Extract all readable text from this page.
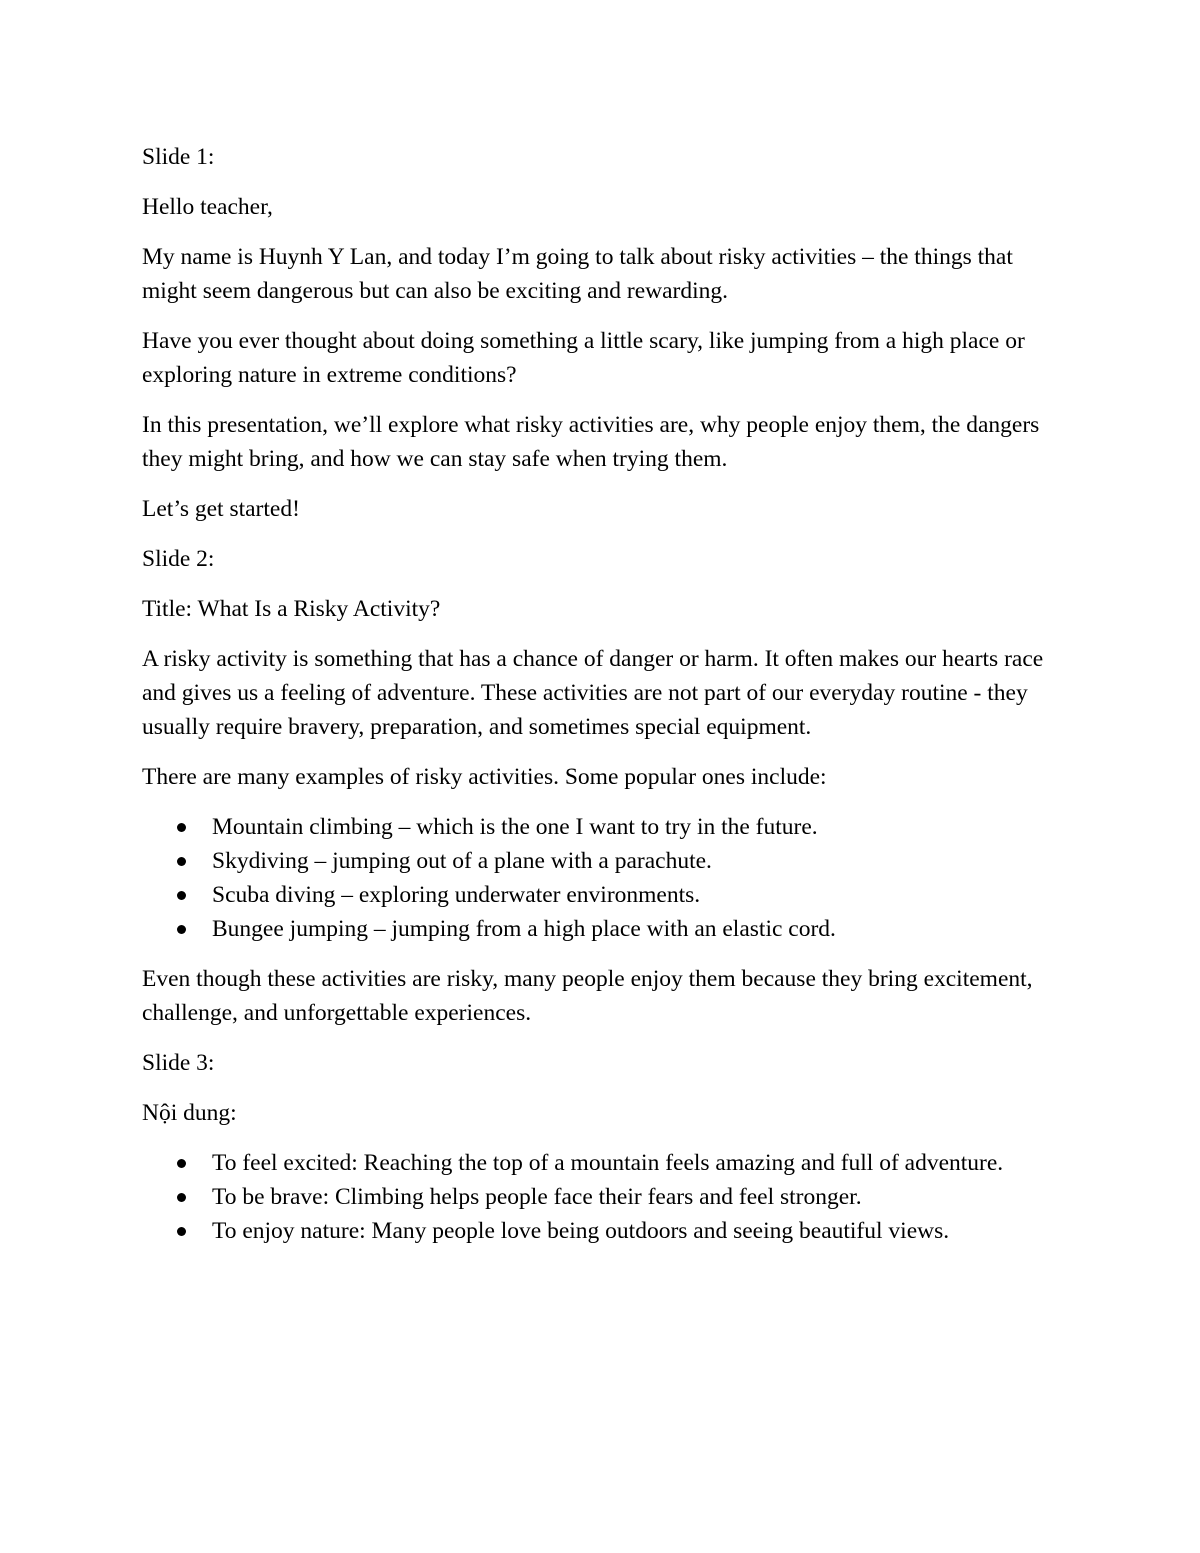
Slide 1:

Hello teacher,

My name is Huynh Y Lan, and today I’m going to talk about risky activities – the things that might seem dangerous but can also be exciting and rewarding.

Have you ever thought about doing something a little scary, like jumping from a high place or exploring nature in extreme conditions?

In this presentation, we’ll explore what risky activities are, why people enjoy them, the dangers they might bring, and how we can stay safe when trying them.

Let’s get started!

Slide 2:

Title: What Is a Risky Activity?

A risky activity is something that has a chance of danger or harm. It often makes our hearts race and gives us a feeling of adventure. These activities are not part of our everyday routine - they usually require bravery, preparation, and sometimes special equipment.

There are many examples of risky activities. Some popular ones include:

Mountain climbing – which is the one I want to try in the future.
Skydiving – jumping out of a plane with a parachute.
Scuba diving – exploring underwater environments.
Bungee jumping – jumping from a high place with an elastic cord.

Even though these activities are risky, many people enjoy them because they bring excitement, challenge, and unforgettable experiences.

Slide 3:

Nội dung:

To feel excited: Reaching the top of a mountain feels amazing and full of adventure.
To be brave: Climbing helps people face their fears and feel stronger.
To enjoy nature: Many people love being outdoors and seeing beautiful views.
